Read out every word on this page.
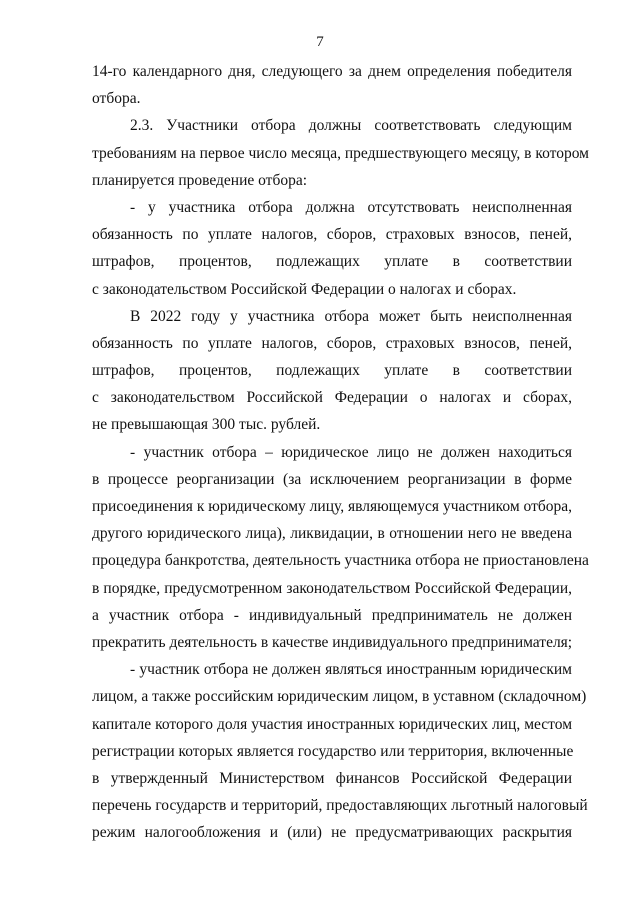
7
14-го календарного дня, следующего за днем определения победителя
отбора.
2.3. Участники отбора должны соответствовать следующим
требованиям на первое число месяца, предшествующего месяцу, в котором
планируется проведение отбора:
- у участника отбора должна отсутствовать неисполненная
обязанность по уплате налогов, сборов, страховых взносов, пеней,
штрафов, процентов, подлежащих уплате в соответствии
с законодательством Российской Федерации о налогах и сборах.
В 2022 году у участника отбора может быть неисполненная
обязанность по уплате налогов, сборов, страховых взносов, пеней,
штрафов, процентов, подлежащих уплате в соответствии
с законодательством Российской Федерации о налогах и сборах,
не превышающая 300 тыс. рублей.
- участник отбора – юридическое лицо не должен находиться
в процессе реорганизации (за исключением реорганизации в форме
присоединения к юридическому лицу, являющемуся участником отбора,
другого юридического лица), ликвидации, в отношении него не введена
процедура банкротства, деятельность участника отбора не приостановлена
в порядке, предусмотренном законодательством Российской Федерации,
а участник отбора - индивидуальный предприниматель не должен
прекратить деятельность в качестве индивидуального предпринимателя;
- участник отбора не должен являться иностранным юридическим
лицом, а также российским юридическим лицом, в уставном (складочном)
капитале которого доля участия иностранных юридических лиц, местом
регистрации которых является государство или территория, включенные
в утвержденный Министерством финансов Российской Федерации
перечень государств и территорий, предоставляющих льготный налоговый
режим налогообложения и (или) не предусматривающих раскрытия
